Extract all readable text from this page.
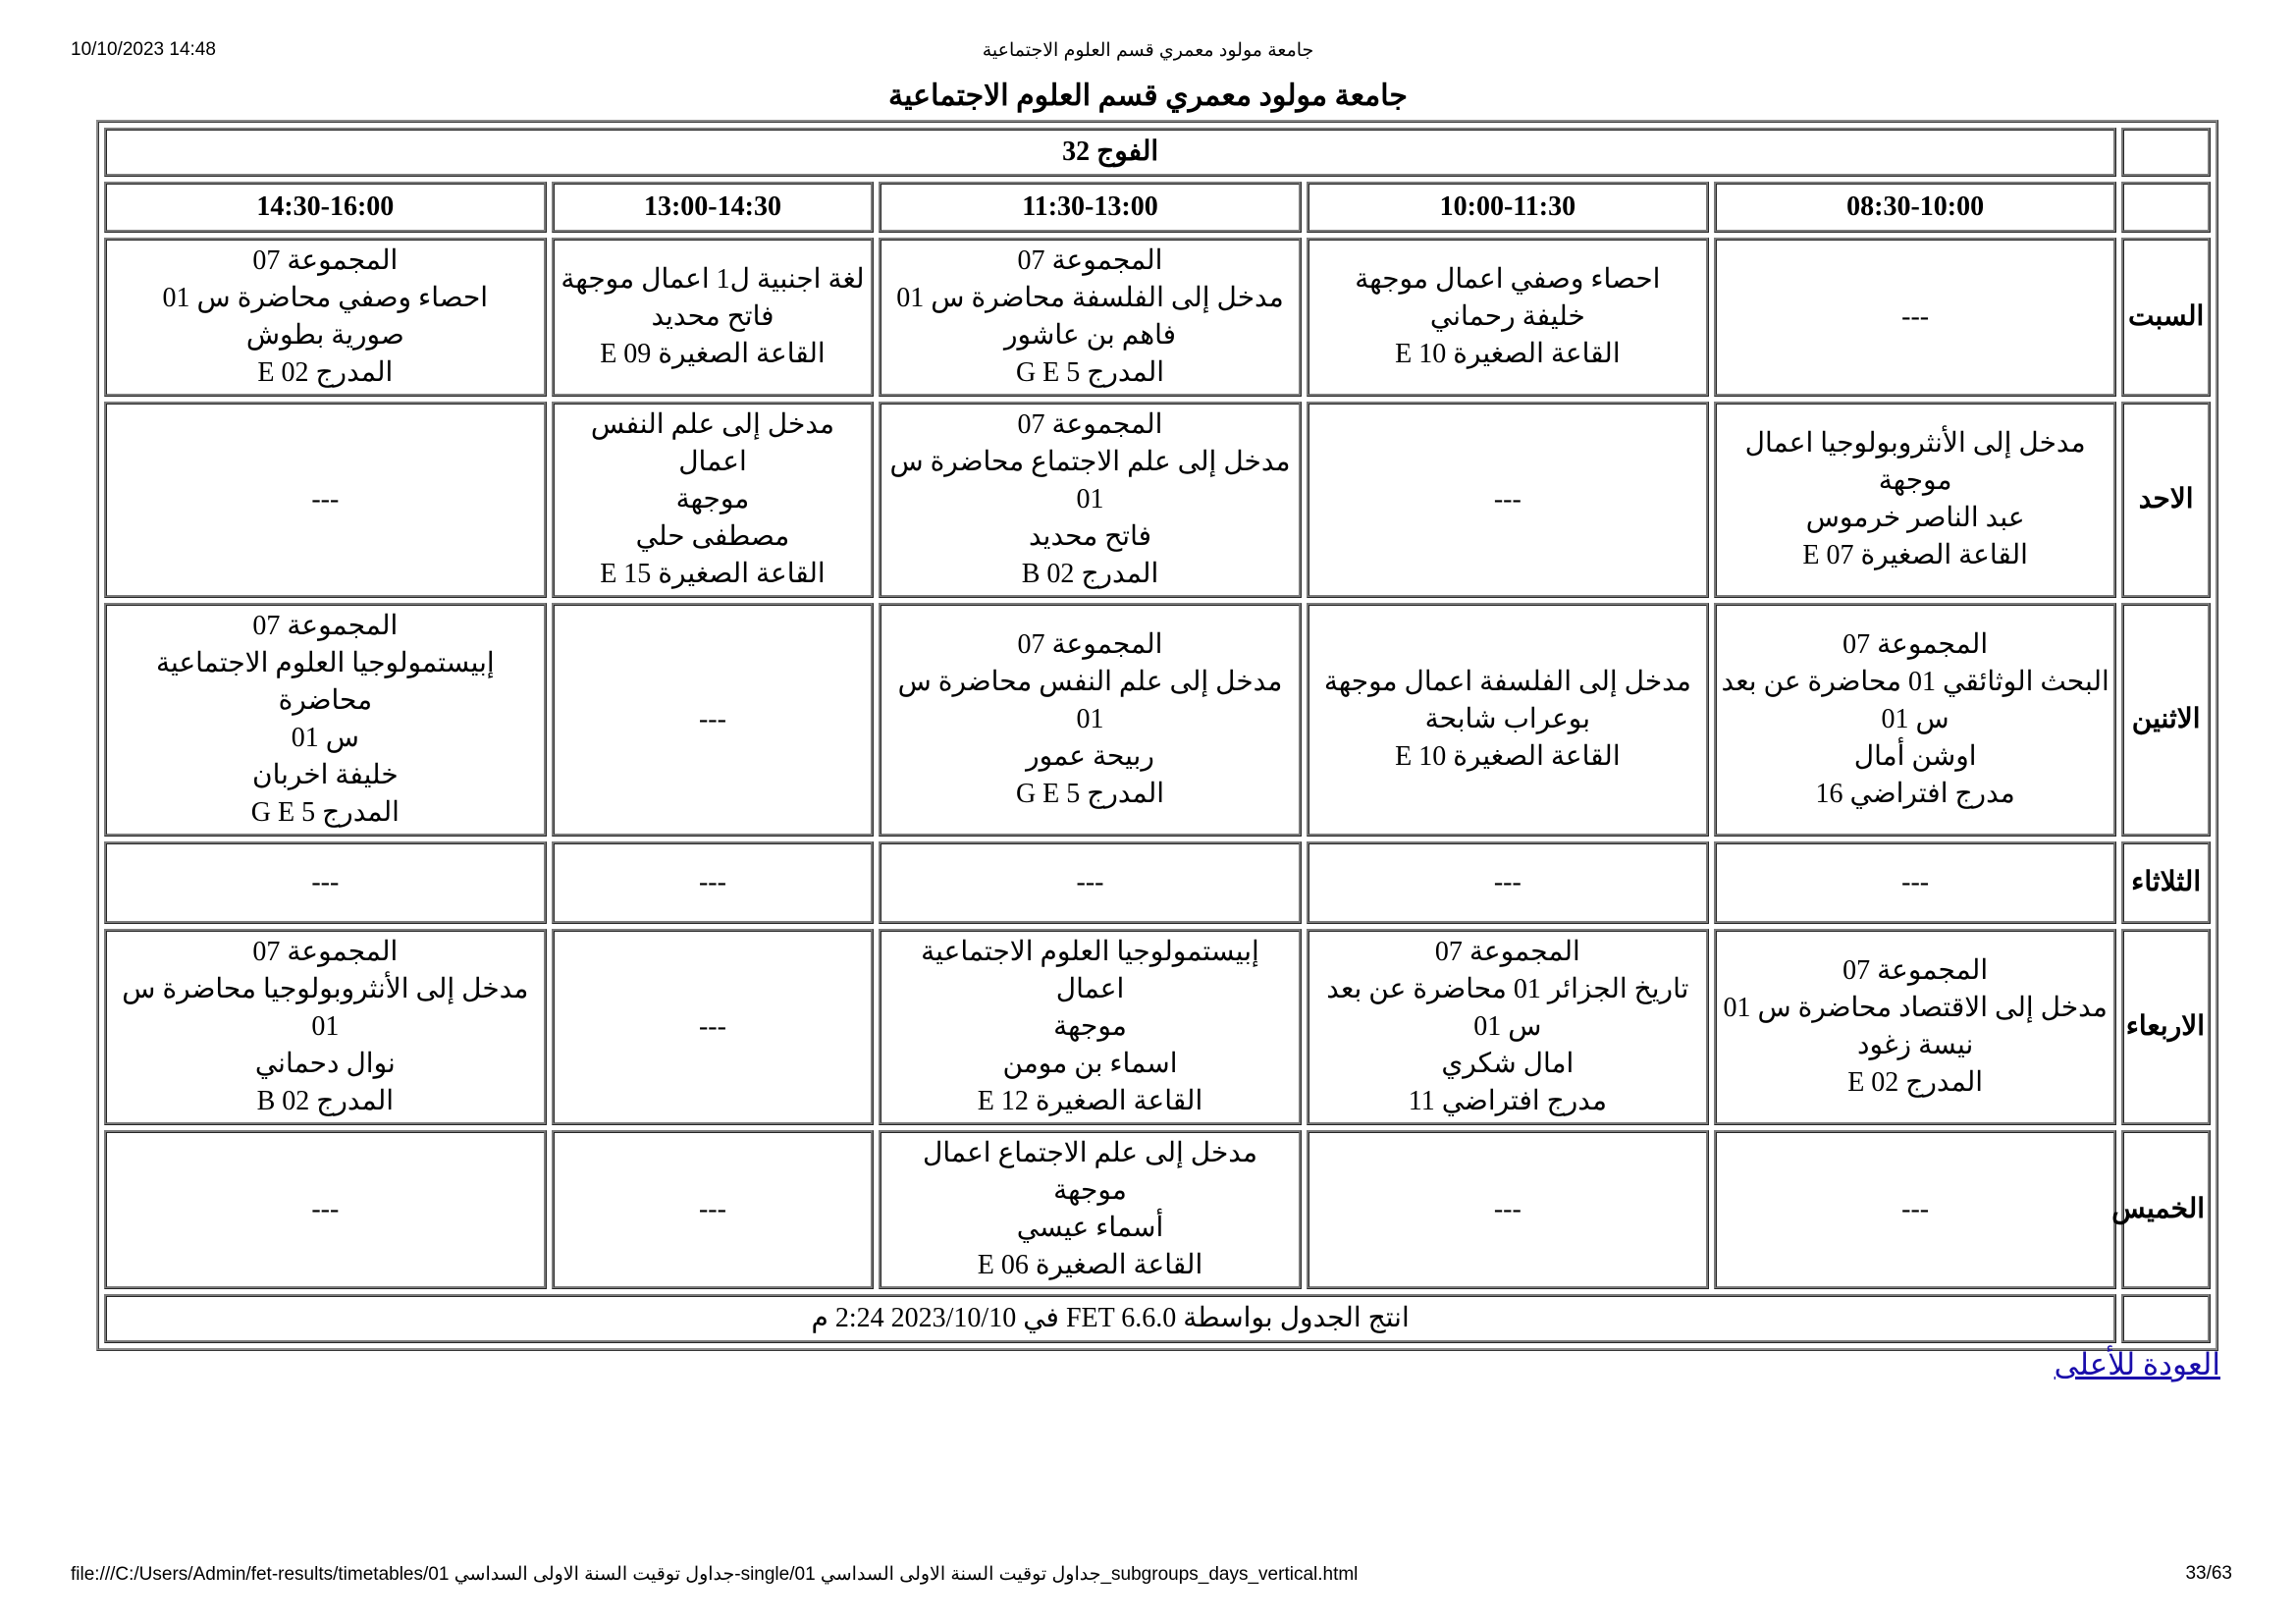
10/10/2023 14:48	جامعة مولود معمري قسم العلوم الاجتماعية
جامعة مولود معمري قسم العلوم الاجتماعية
	الفوج 32				
	08:30-10:00	10:00-11:30	11:30-13:00	13:00-14:30	14:30-16:00
السبت	---	احصاء وصفي اعمال موجهة
خليفة رحماني
القاعة الصغيرة E 10	المجموعة 07
مدخل إلى الفلسفة محاضرة س 01
فاهم بن عاشور
المدرج G E 5	لغة اجنبية ل1 اعمال موجهة
فاتح محديد
القاعة الصغيرة E 09	المجموعة 07
احصاء وصفي محاضرة س 01
صورية بطوش
المدرج E 02

الاحد	مدخل إلى الأنثروبولوجيا اعمال موجهة
عبد الناصر خرموس
القاعة الصغيرة E 07	---	المجموعة 07
مدخل إلى علم الاجتماع محاضرة س
01
فاتح محديد
المدرج B 02	مدخل إلى علم النفس اعمال
موجهة
مصطفى حلي
القاعة الصغيرة E 15	---

الاثنين	المجموعة 07
البحث الوثائقي 01 محاضرة عن بعد
س 01
اوشن أمال
مدرج افتراضي 16	مدخل إلى الفلسفة اعمال موجهة
بوعراب شابحة
القاعة الصغيرة E 10	المجموعة 07
مدخل إلى علم النفس محاضرة س 01
ربيحة عمور
المدرج G E 5	---	المجموعة 07
إبيستمولوجيا العلوم الاجتماعية محاضرة
س 01
خليفة اخربان
المدرج G E 5

الثلاثاء	---	---	---	---	---

الاربعاء	المجموعة 07
مدخل إلى الاقتصاد محاضرة س 01
نيسة زغود
المدرج E 02	المجموعة 07
تاريخ الجزائر 01 محاضرة عن بعد
س 01
امال شكري
مدرج افتراضي 11	إبيستمولوجيا العلوم الاجتماعية اعمال
موجهة
اسماء بن مومن
القاعة الصغيرة E 12	---	المجموعة 07
مدخل إلى الأنثروبولوجيا محاضرة س 01
نوال دحماني
المدرج B 02

الخميس	---	---	مدخل إلى علم الاجتماع اعمال موجهة
أسماء عيسي
القاعة الصغيرة E 06	---	---

	انتج الجدول بواسطة FET 6.6.0 في 2023/10/10 2:24 م				
العودة للأعلى
file:///C:/Users/Admin/fet-results/timetables/01 جداول توقيت السنة الاولى السداسي-single/01 جداول توقيت السنة الاولى السداسي_subgroups_days_vertical.html	33/63
